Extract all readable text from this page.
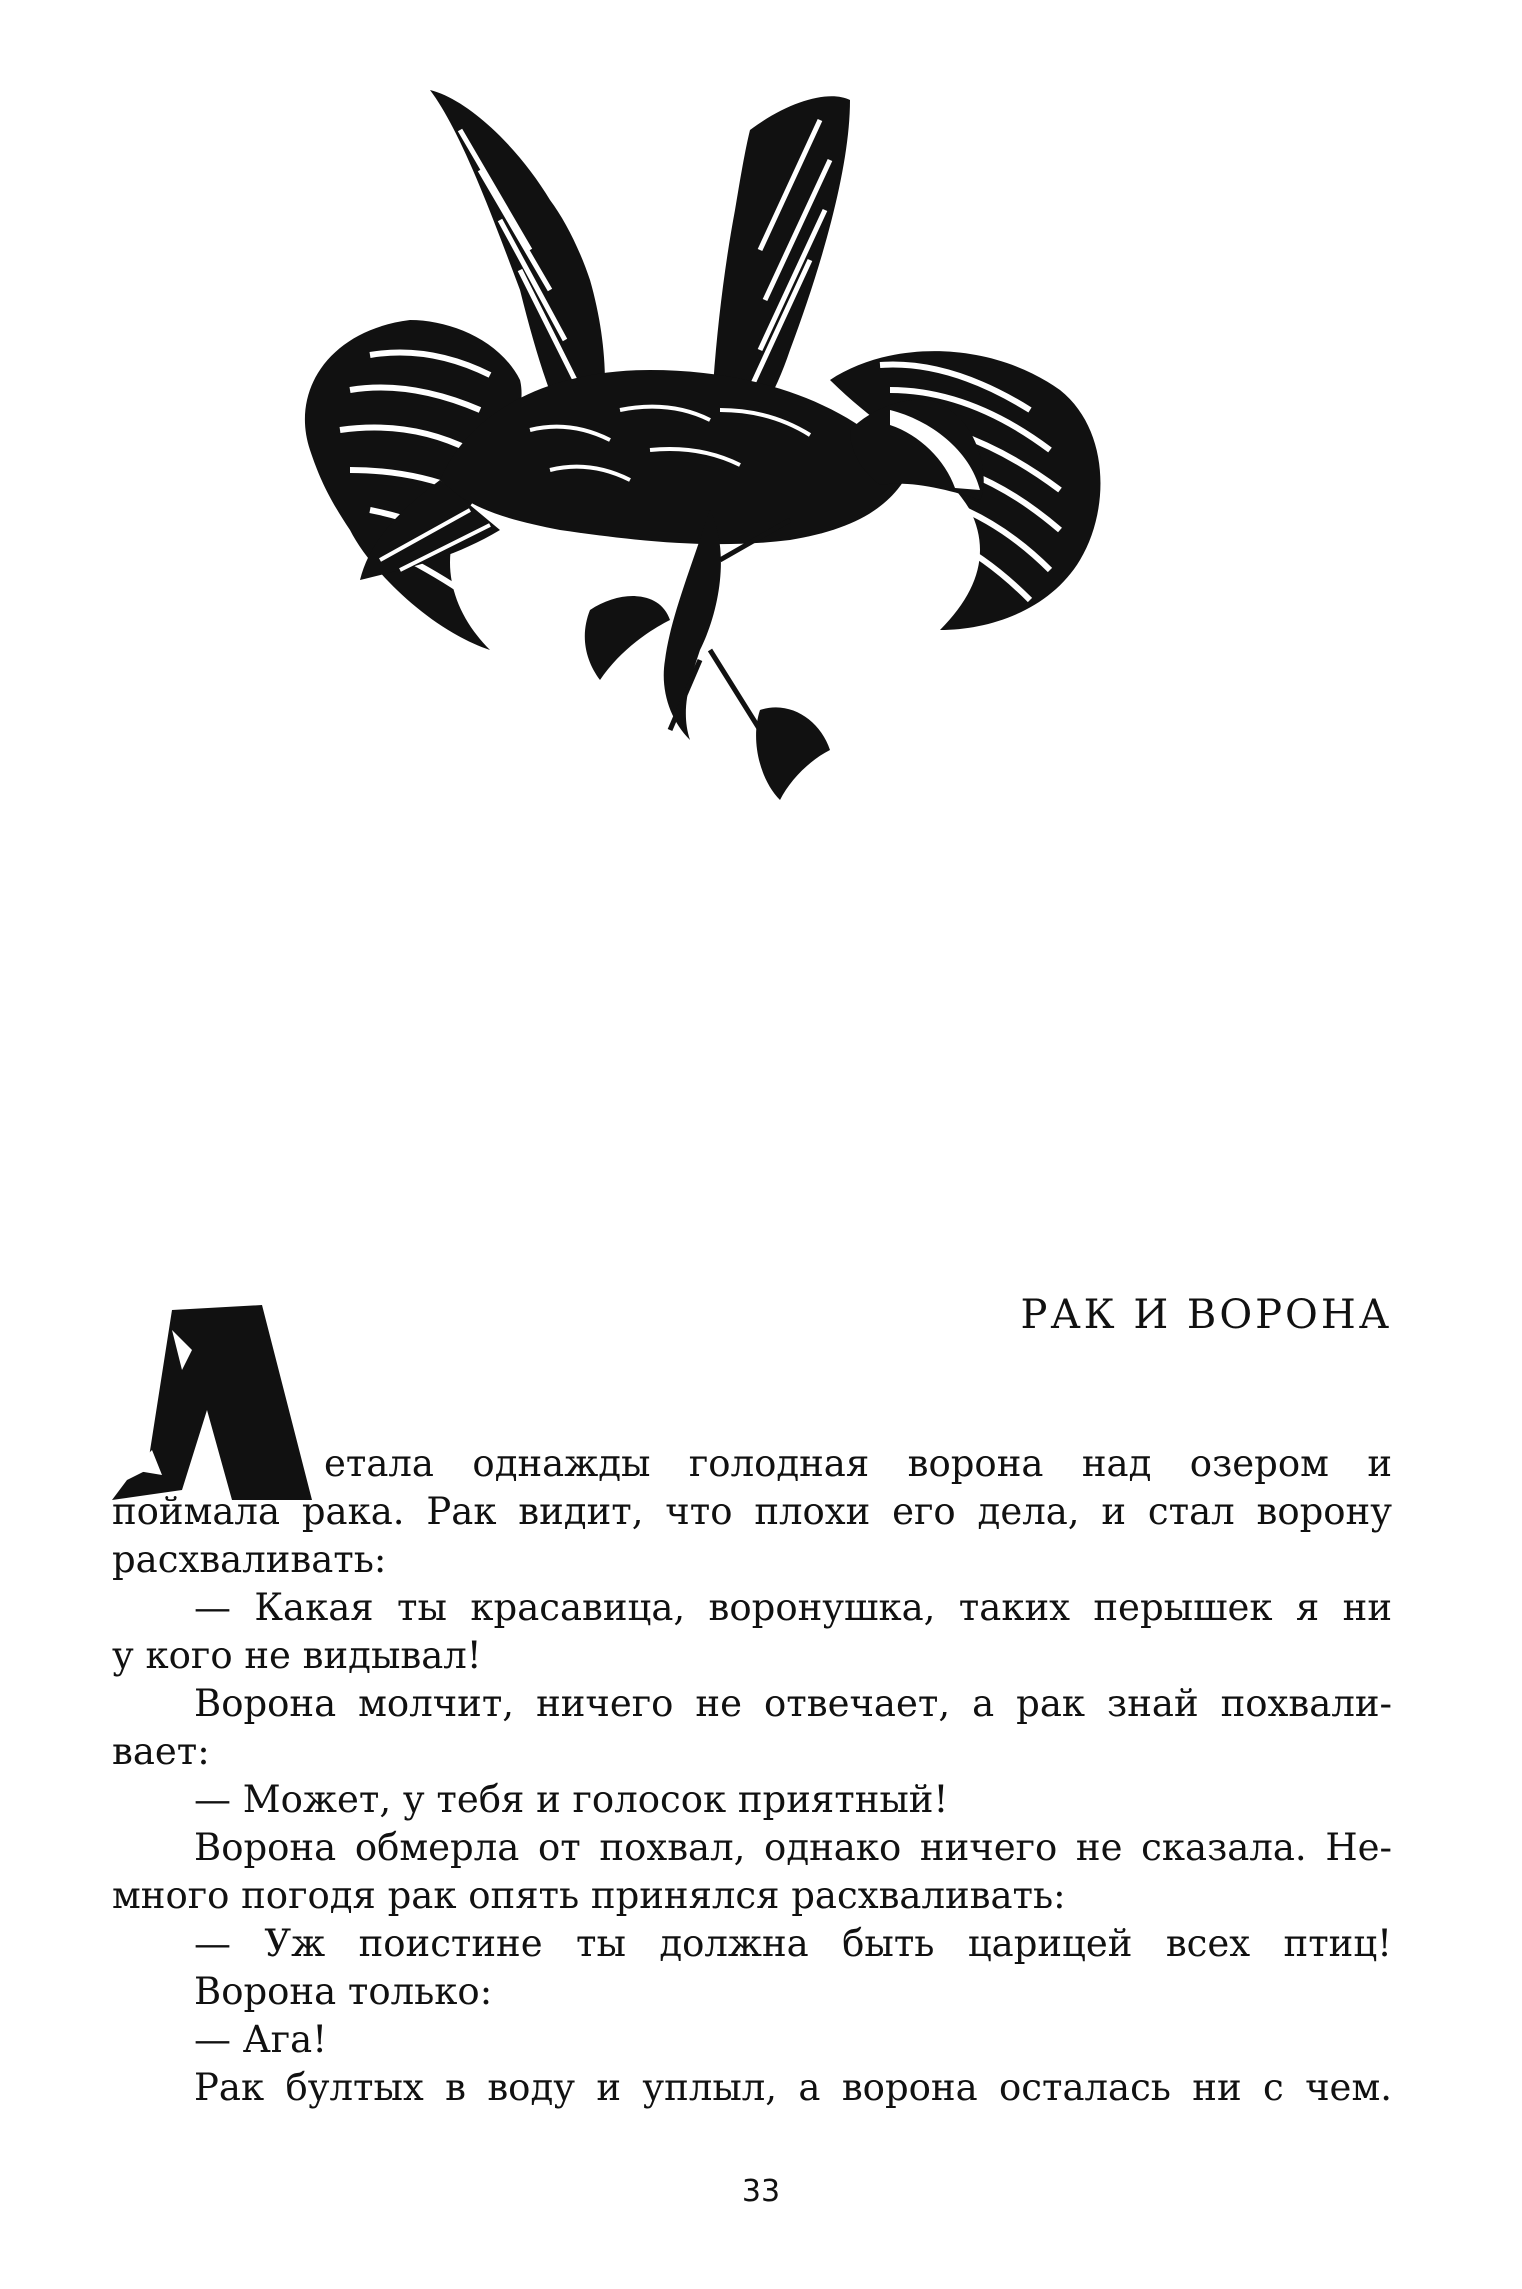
РАК И ВОРОНА
етала однажды голодная ворона над озером и
поймала рака. Рак видит, что плохи его дела, и стал ворону
расхваливать:
— Какая ты красавица, воронушка, таких перышек я ни
у кого не видывал!
Ворона молчит, ничего не отвечает, а рак знай похвали-
вает:
— Может, у тебя и голосок приятный!
Ворона обмерла от похвал, однако ничего не сказала. Не-
много погодя рак опять принялся расхваливать:
— Уж поистине ты должна быть царицей всех птиц!
Ворона только:
— Ага!
Рак бултых в воду и уплыл, а ворона осталась ни с чем.
33
